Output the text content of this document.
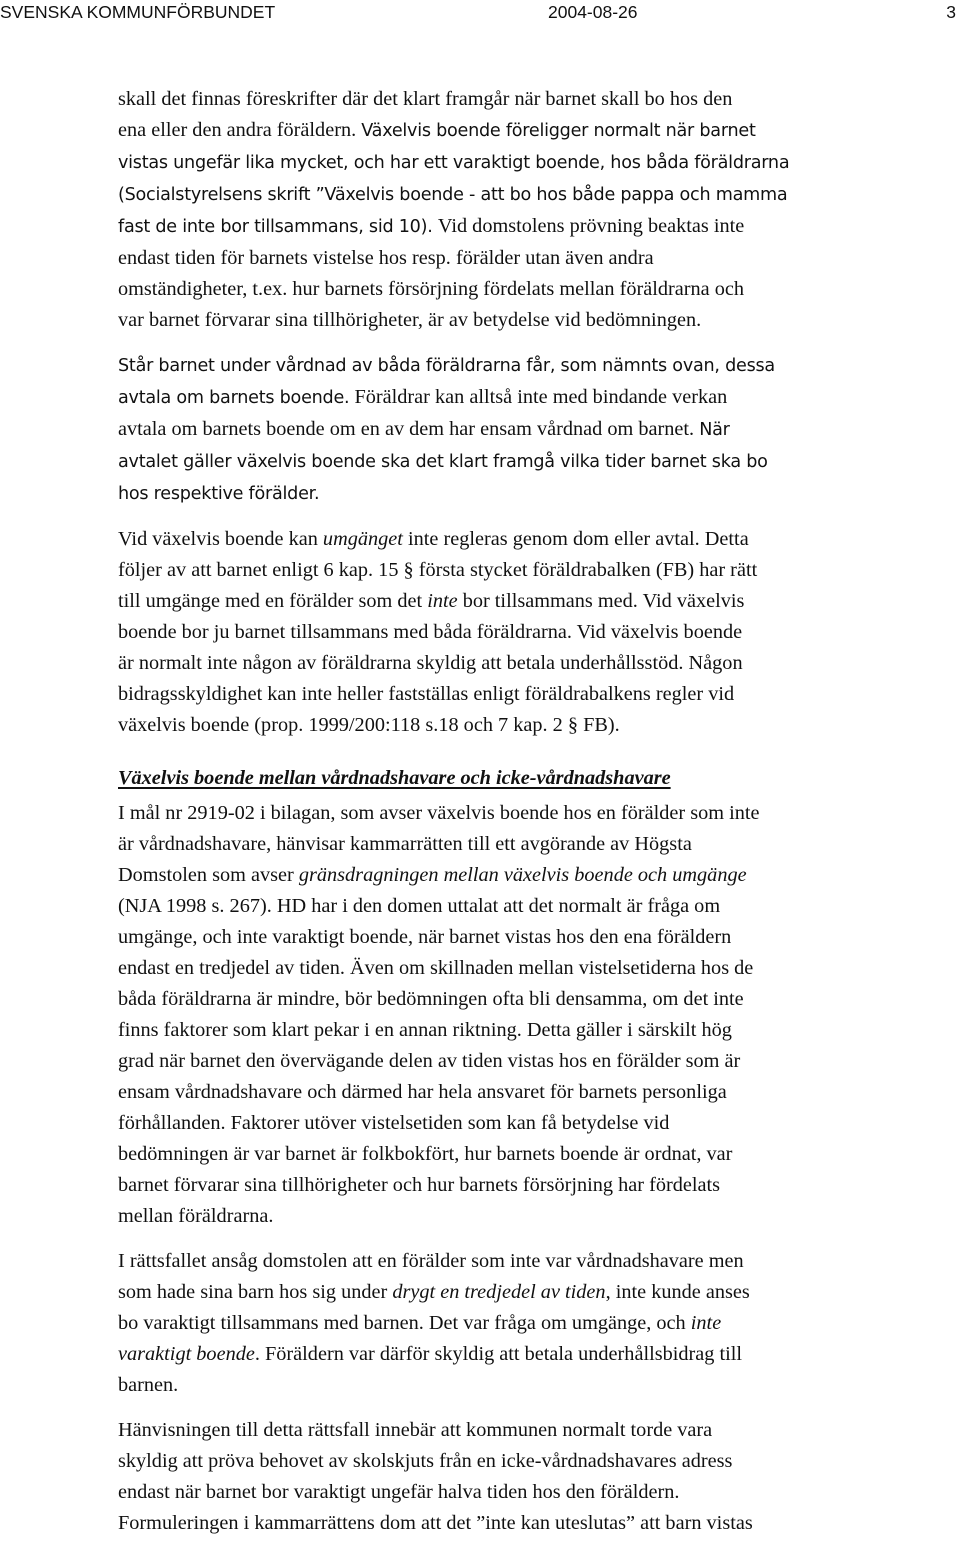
SVENSKA KOMMUNFÖRBUNDET	2004-08-26	3

skall det finnas föreskrifter där det klart framgår när barnet skall bo hos den
ena eller den andra föräldern. Växelvis boende föreligger normalt när barnet
vistas ungefär lika mycket, och har ett varaktigt boende, hos båda föräldrarna
(Socialstyrelsens skrift ”Växelvis boende - att bo hos både pappa och mamma
fast de inte bor tillsammans, sid 10). Vid domstolens prövning beaktas inte
endast tiden för barnets vistelse hos resp. förälder utan även andra
omständigheter, t.ex. hur barnets försörjning fördelats mellan föräldrarna och
var barnet förvarar sina tillhörigheter, är av betydelse vid bedömningen.

Står barnet under vårdnad av båda föräldrarna får, som nämnts ovan, dessa
avtala om barnets boende. Föräldrar kan alltså inte med bindande verkan
avtala om barnets boende om en av dem har ensam vårdnad om barnet. När
avtalet gäller växelvis boende ska det klart framgå vilka tider barnet ska bo
hos respektive förälder.

Vid växelvis boende kan umgänget inte regleras genom dom eller avtal. Detta
följer av att barnet enligt 6 kap. 15 § första stycket föräldrabalken (FB) har rätt
till umgänge med en förälder som det inte bor tillsammans med. Vid växelvis
boende bor ju barnet tillsammans med båda föräldrarna. Vid växelvis boende
är normalt inte någon av föräldrarna skyldig att betala underhållsstöd. Någon
bidragsskyldighet kan inte heller fastställas enligt föräldrabalkens regler vid
växelvis boende (prop. 1999/200:118 s.18 och 7 kap. 2 § FB).

Växelvis boende mellan vårdnadshavare och icke-vårdnadshavare

I mål nr 2919-02 i bilagan, som avser växelvis boende hos en förälder som inte
är vårdnadshavare, hänvisar kammarrätten till ett avgörande av Högsta
Domstolen som avser gränsdragningen mellan växelvis boende och umgänge
(NJA 1998 s. 267). HD har i den domen uttalat att det normalt är fråga om
umgänge, och inte varaktigt boende, när barnet vistas hos den ena föräldern
endast en tredjedel av tiden. Även om skillnaden mellan vistelsetiderna hos de
båda föräldrarna är mindre, bör bedömningen ofta bli densamma, om det inte
finns faktorer som klart pekar i en annan riktning. Detta gäller i särskilt hög
grad när barnet den övervägande delen av tiden vistas hos en förälder som är
ensam vårdnadshavare och därmed har hela ansvaret för barnets personliga
förhållanden. Faktorer utöver vistelsetiden som kan få betydelse vid
bedömningen är var barnet är folkbokfört, hur barnets boende är ordnat, var
barnet förvarar sina tillhörigheter och hur barnets försörjning har fördelats
mellan föräldrarna.

I rättsfallet ansåg domstolen att en förälder som inte var vårdnadshavare men
som hade sina barn hos sig under drygt en tredjedel av tiden, inte kunde anses
bo varaktigt tillsammans med barnen. Det var fråga om umgänge, och inte
varaktigt boende. Föräldern var därför skyldig att betala underhållsbidrag till
barnen.

Hänvisningen till detta rättsfall innebär att kommunen normalt torde vara
skyldig att pröva behovet av skolskjuts från en icke-vårdnadshavares adress
endast när barnet bor varaktigt ungefär halva tiden hos den föräldern.
Formuleringen i kammarrättens dom att det ”inte kan uteslutas” att barn vistas
